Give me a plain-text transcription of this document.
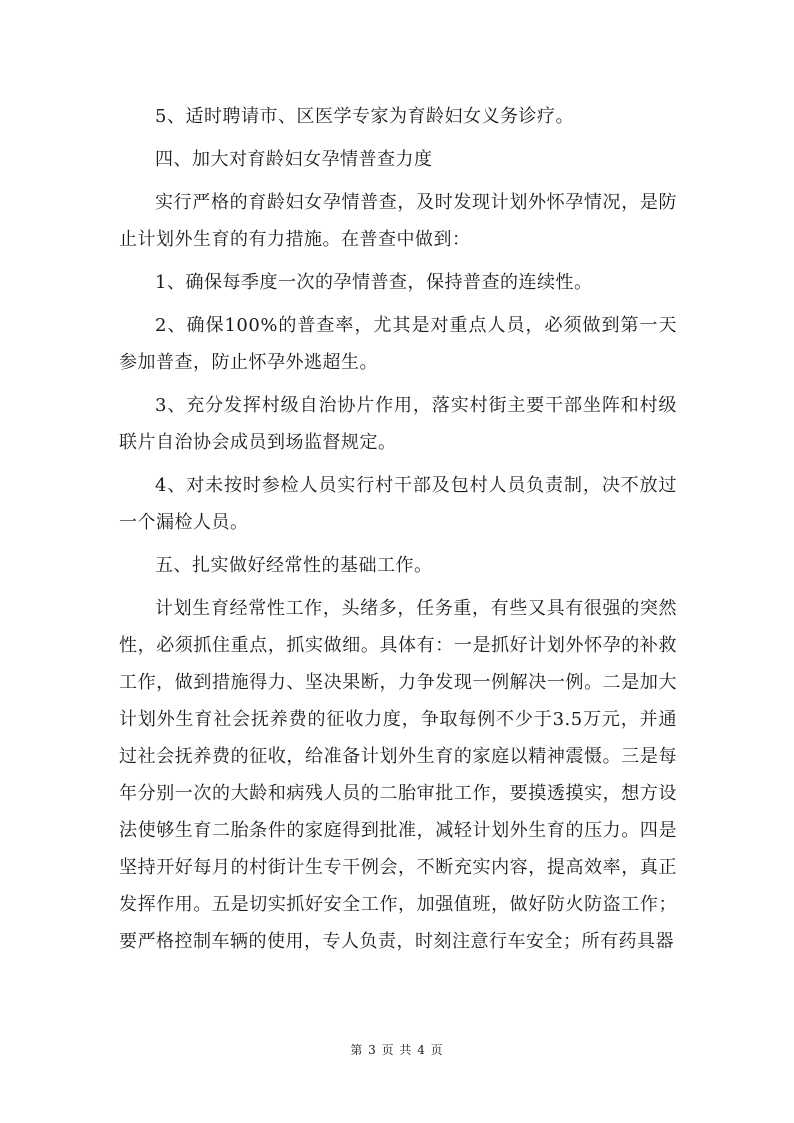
5、适时聘请市、区医学专家为育龄妇女义务诊疗。

四、加大对育龄妇女孕情普查力度

实行严格的育龄妇女孕情普查，及时发现计划外怀孕情况，是防止计划外生育的有力措施。在普查中做到：

1、确保每季度一次的孕情普查，保持普查的连续性。

2、确保100%的普查率，尤其是对重点人员，必须做到第一天参加普查，防止怀孕外逃超生。

3、充分发挥村级自治协片作用，落实村街主要干部坐阵和村级联片自治协会成员到场监督规定。

4、对未按时参检人员实行村干部及包村人员负责制，决不放过一个漏检人员。

五、扎实做好经常性的基础工作。

计划生育经常性工作，头绪多，任务重，有些又具有很强的突然性，必须抓住重点，抓实做细。具体有：一是抓好计划外怀孕的补救工作，做到措施得力、坚决果断，力争发现一例解决一例。二是加大计划外生育社会抚养费的征收力度，争取每例不少于3.5万元，并通过社会抚养费的征收，给准备计划外生育的家庭以精神震慑。三是每年分别一次的大龄和病残人员的二胎审批工作，要摸透摸实，想方设法使够生育二胎条件的家庭得到批准，减轻计划外生育的压力。四是坚持开好每月的村街计生专干例会，不断充实内容，提高效率，真正发挥作用。五是切实抓好安全工作，加强值班，做好防火防盗工作；要严格控制车辆的使用，专人负责，时刻注意行车安全；所有药具器

第 3 页 共 4 页
